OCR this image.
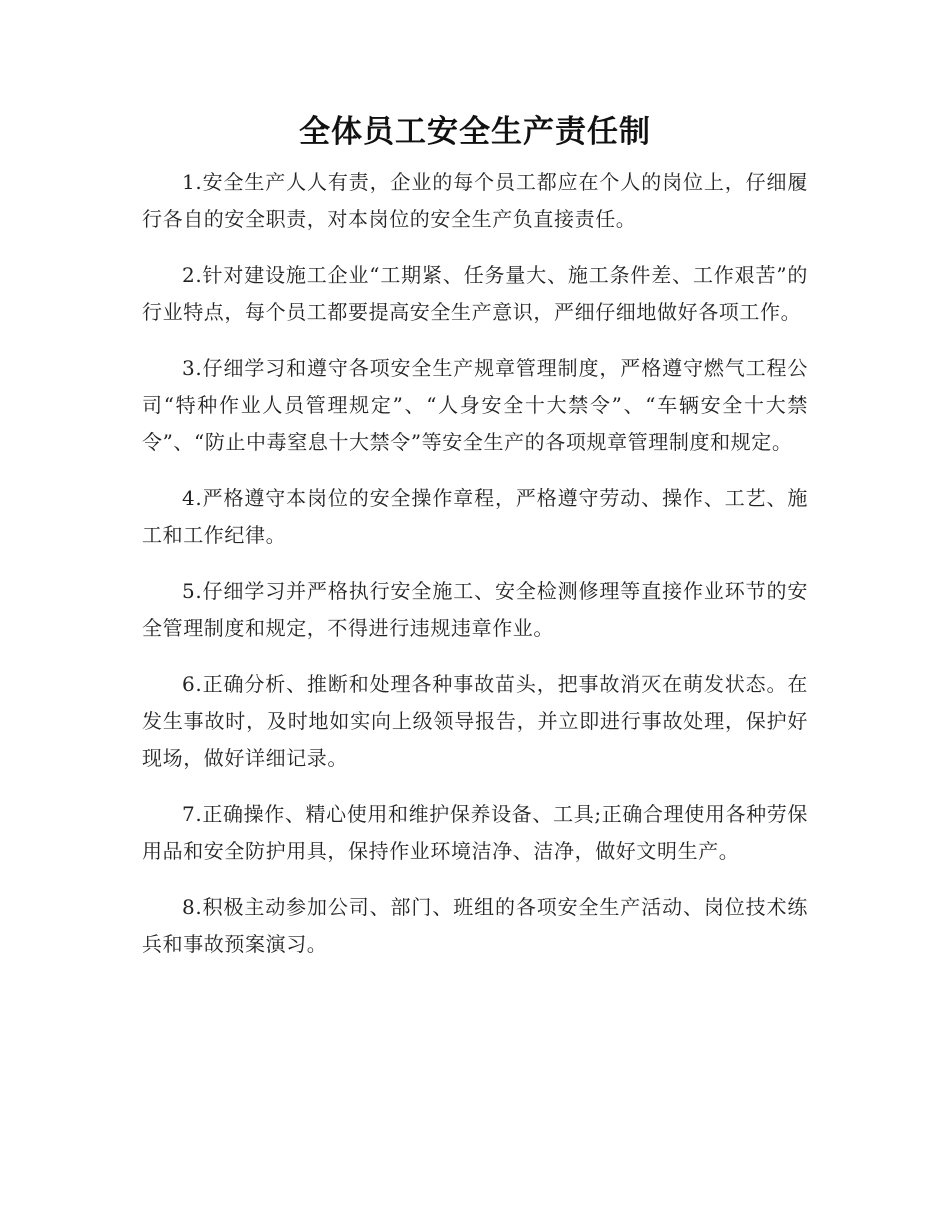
全体员工安全生产责任制

1.安全生产人人有责，企业的每个员工都应在个人的岗位上，仔细履行各自的安全职责，对本岗位的安全生产负直接责任。

2.针对建设施工企业“工期紧、任务量大、施工条件差、工作艰苦”的行业特点，每个员工都要提高安全生产意识，严细仔细地做好各项工作。

3.仔细学习和遵守各项安全生产规章管理制度，严格遵守燃气工程公司“特种作业人员管理规定”、“人身安全十大禁令”、“车辆安全十大禁令”、“防止中毒窒息十大禁令”等安全生产的各项规章管理制度和规定。

4.严格遵守本岗位的安全操作章程，严格遵守劳动、操作、工艺、施工和工作纪律。

5.仔细学习并严格执行安全施工、安全检测修理等直接作业环节的安全管理制度和规定，不得进行违规违章作业。

6.正确分析、推断和处理各种事故苗头，把事故消灭在萌发状态。在发生事故时，及时地如实向上级领导报告，并立即进行事故处理，保护好现场，做好详细记录。

7.正确操作、精心使用和维护保养设备、工具;正确合理使用各种劳保用品和安全防护用具，保持作业环境洁净、洁净，做好文明生产。

8.积极主动参加公司、部门、班组的各项安全生产活动、岗位技术练兵和事故预案演习。
